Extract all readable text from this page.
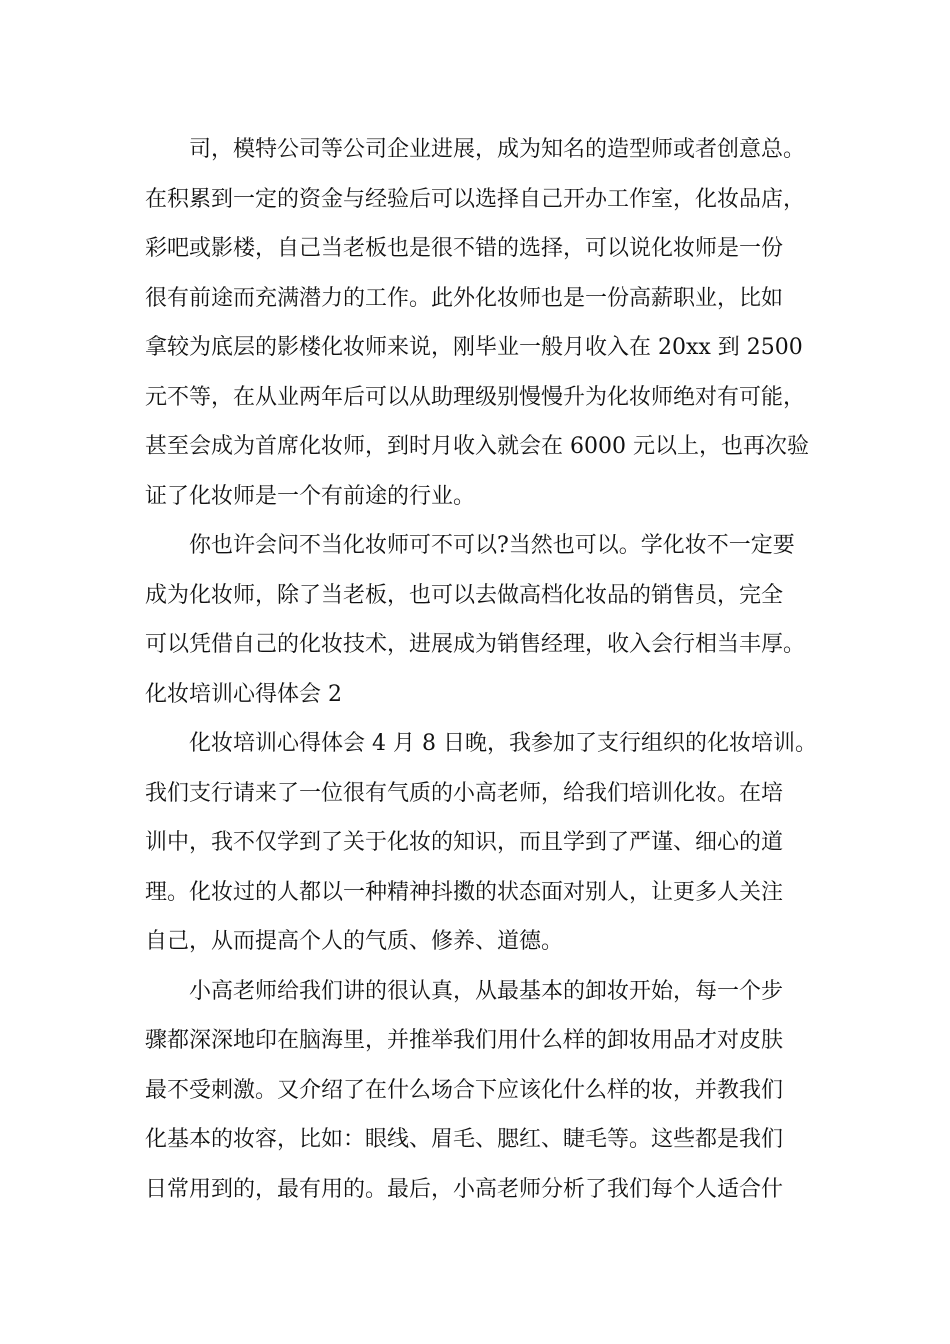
司，模特公司等公司企业进展，成为知名的造型师或者创意总。
在积累到一定的资金与经验后可以选择自己开办工作室，化妆品店，
彩吧或影楼，自己当老板也是很不错的选择，可以说化妆师是一份
很有前途而充满潜力的工作。此外化妆师也是一份高薪职业，比如
拿较为底层的影楼化妆师来说，刚毕业一般月收入在 20xx 到 2500
元不等，在从业两年后可以从助理级别慢慢升为化妆师绝对有可能，
甚至会成为首席化妆师，到时月收入就会在 6000 元以上，也再次验
证了化妆师是一个有前途的行业。
你也许会问不当化妆师可不可以?当然也可以。学化妆不一定要
成为化妆师，除了当老板，也可以去做高档化妆品的销售员，完全
可以凭借自己的化妆技术，进展成为销售经理，收入会行相当丰厚。
化妆培训心得体会 2
化妆培训心得体会 4 月 8 日晚，我参加了支行组织的化妆培训。
我们支行请来了一位很有气质的小高老师，给我们培训化妆。在培
训中，我不仅学到了关于化妆的知识，而且学到了严谨、细心的道
理。化妆过的人都以一种精神抖擞的状态面对别人，让更多人关注
自己，从而提高个人的气质、修养、道德。
小高老师给我们讲的很认真，从最基本的卸妆开始，每一个步
骤都深深地印在脑海里，并推举我们用什么样的卸妆用品才对皮肤
最不受刺激。又介绍了在什么场合下应该化什么样的妆，并教我们
化基本的妆容，比如：眼线、眉毛、腮红、睫毛等。这些都是我们
日常用到的，最有用的。最后，小高老师分析了我们每个人适合什
